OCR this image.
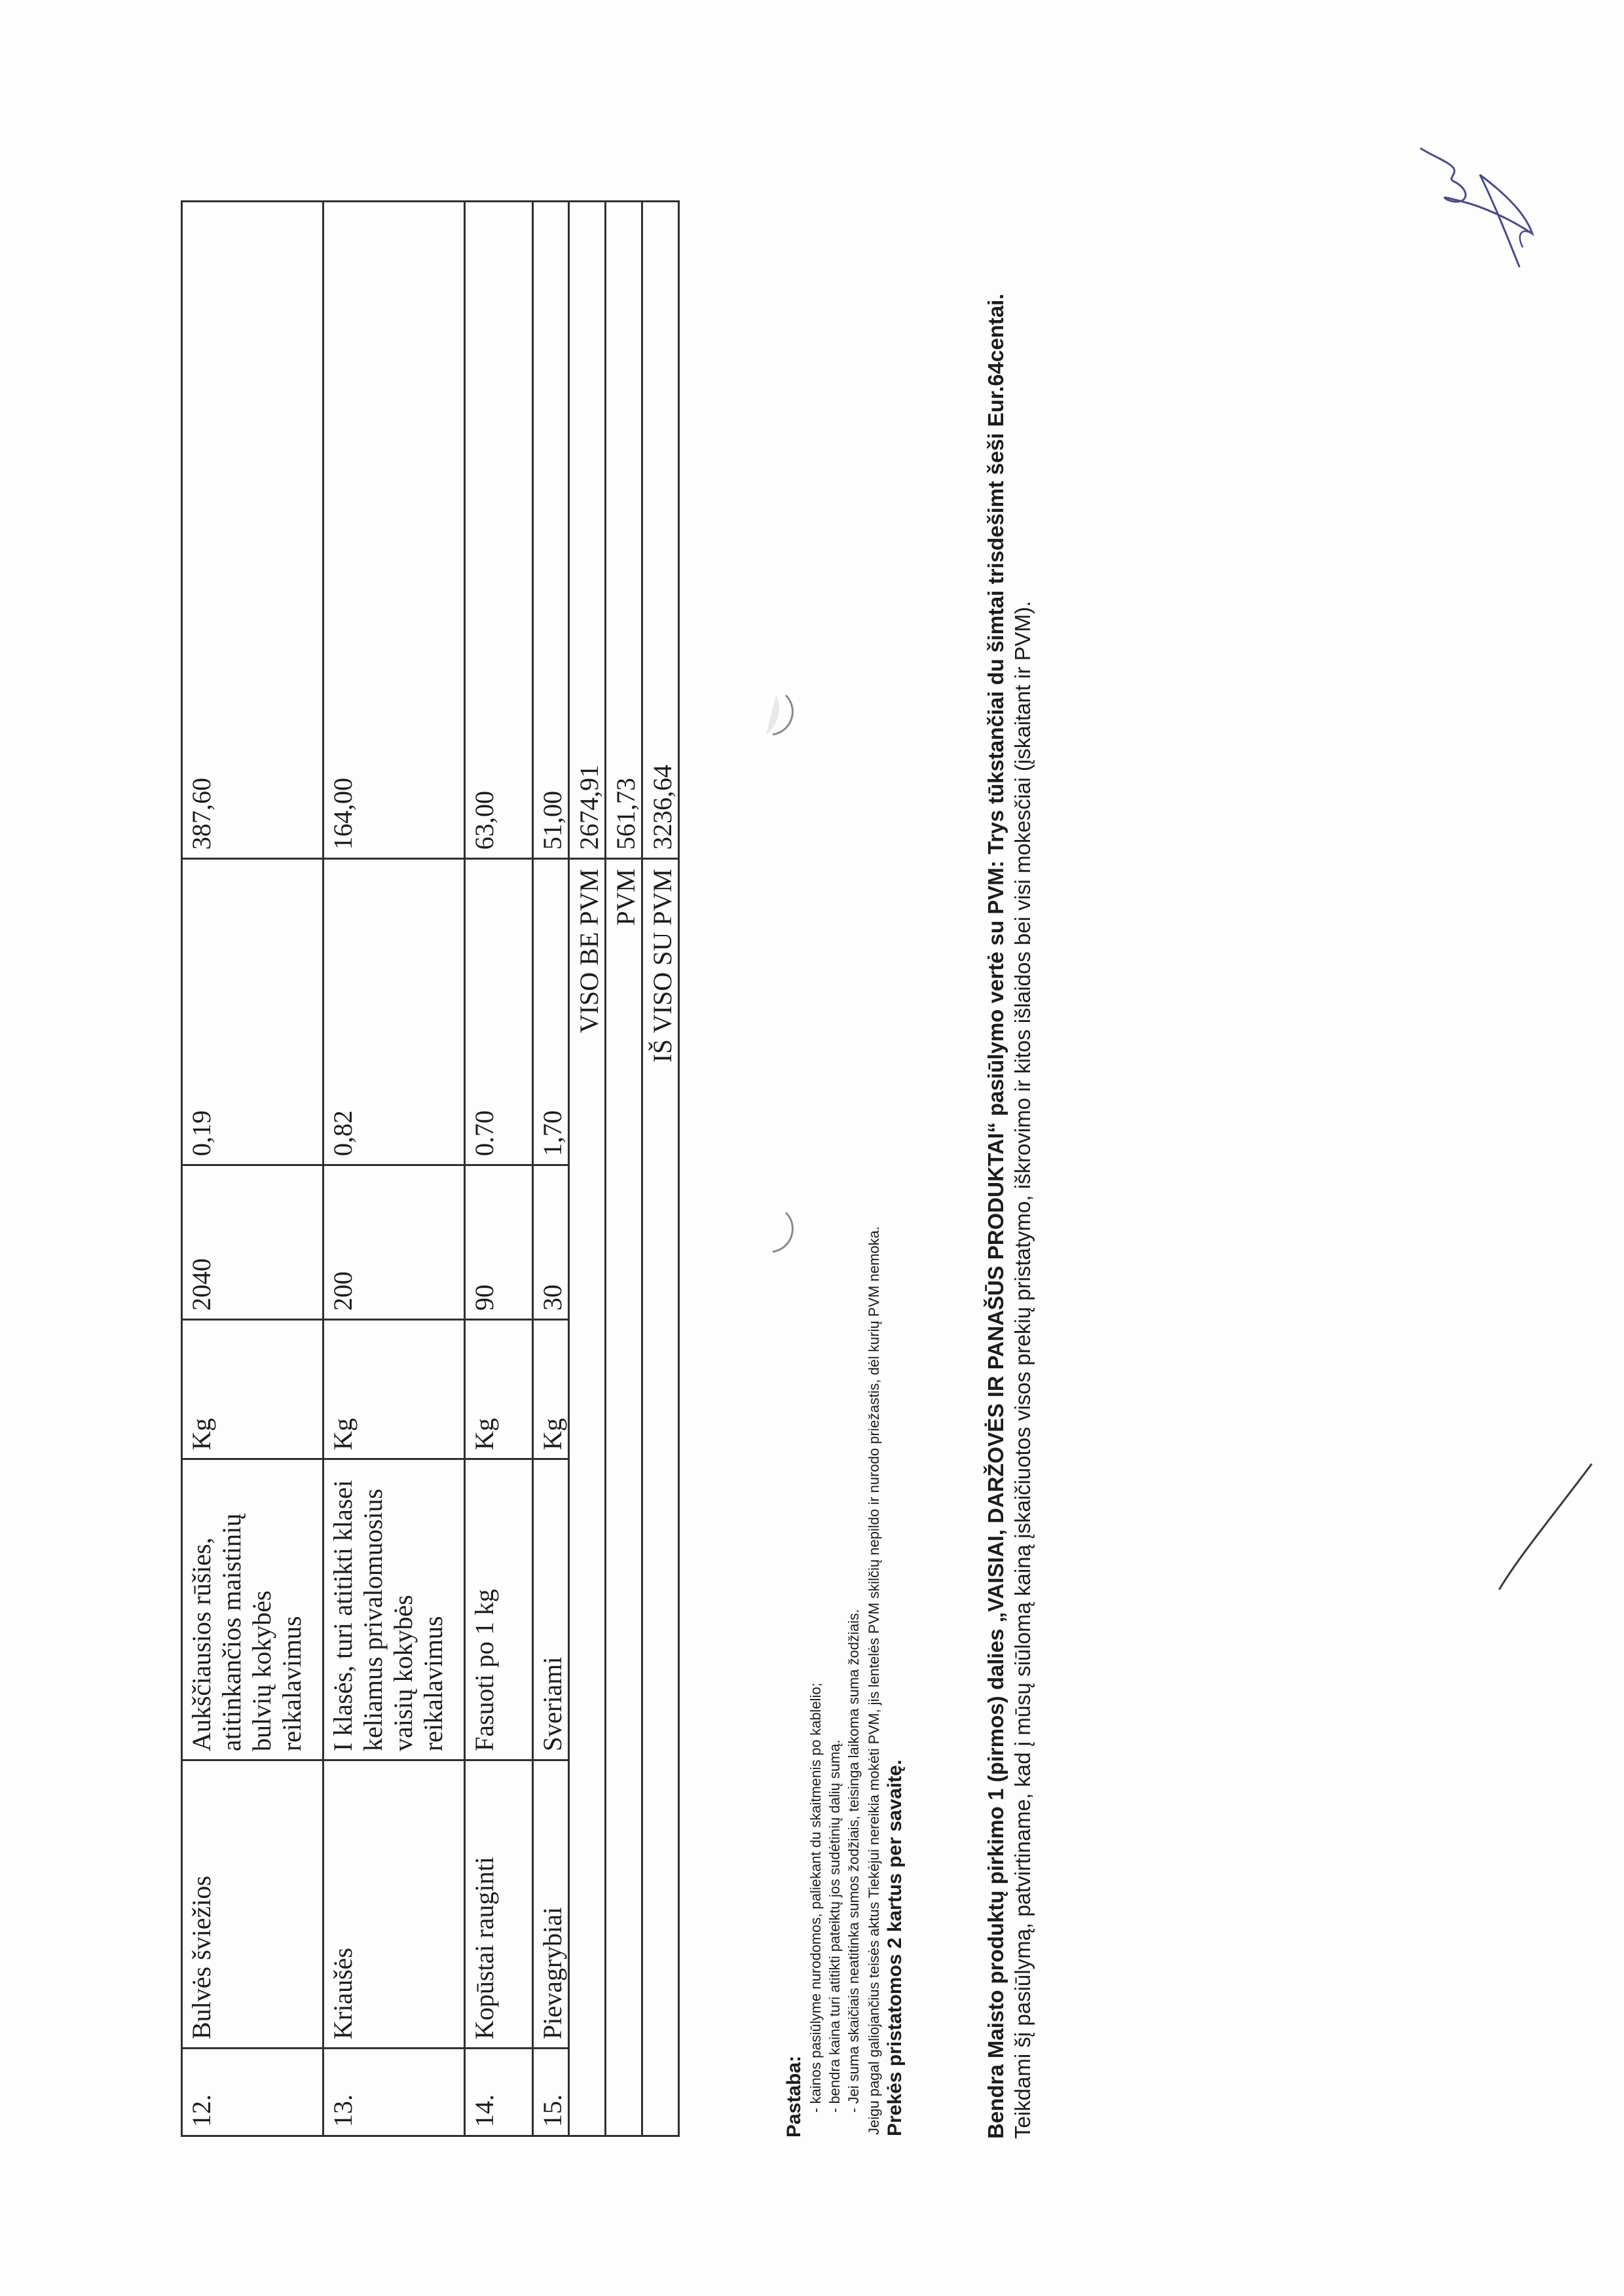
12.	Bulvės šviežios	Aukščiausios rūšies, atitinkančios maistinių bulvių kokybės reikalavimus	Kg	2040	0,19	387,60
13.	Kriaušės	I klasės, turi atitikti klasei keliamus privalomuosius vaisių kokybės reikalavimus	Kg	200	0,82	164,00
14.	Kopūstai rauginti	Fasuoti po 1 kg	Kg	90	0.70	63,00
15.	Pievagrybiai	Sveriami	Kg	30	1,70	51,00
	VISO BE PVM					2674,91
	PVM					561,73
	IŠ VISO SU PVM					3236,64

Pastaba: - kainos pasiūlyme nurodomos, paliekant du skaitmenis po kablelio; - bendra kaina turi atitikti pateiktų jos sudėtinių dalių sumą. - Jei suma skaičiais neatitinka sumos žodžiais, teisinga laikoma suma žodžiais. Jeigu pagal galiojančius teisės aktus Tiekėjui nereikia mokėti PVM, jis lentelės PVM skilčių nepildo ir nurodo priežastis, dėl kurių PVM nemoka. Prekės pristatomos 2 kartus per savaitę.	Bendra Maisto produktų pirkimo 1 (pirmos) dalies „VAISIAI, DARŽOVĖS IR PANAŠŪS PRODUKTAI“ pasiūlymo vertė su PVM: Trys tūkstančiai du šimtai trisdešimt šeši Eur.64centai. Teikdami šį pasiūlymą, patvirtiname, kad į mūsų siūlomą kainą įskaičiuotos visos prekių pristatymo, iškrovimo ir kitos išlaidos bei visi mokesčiai (įskaitant ir PVM).
